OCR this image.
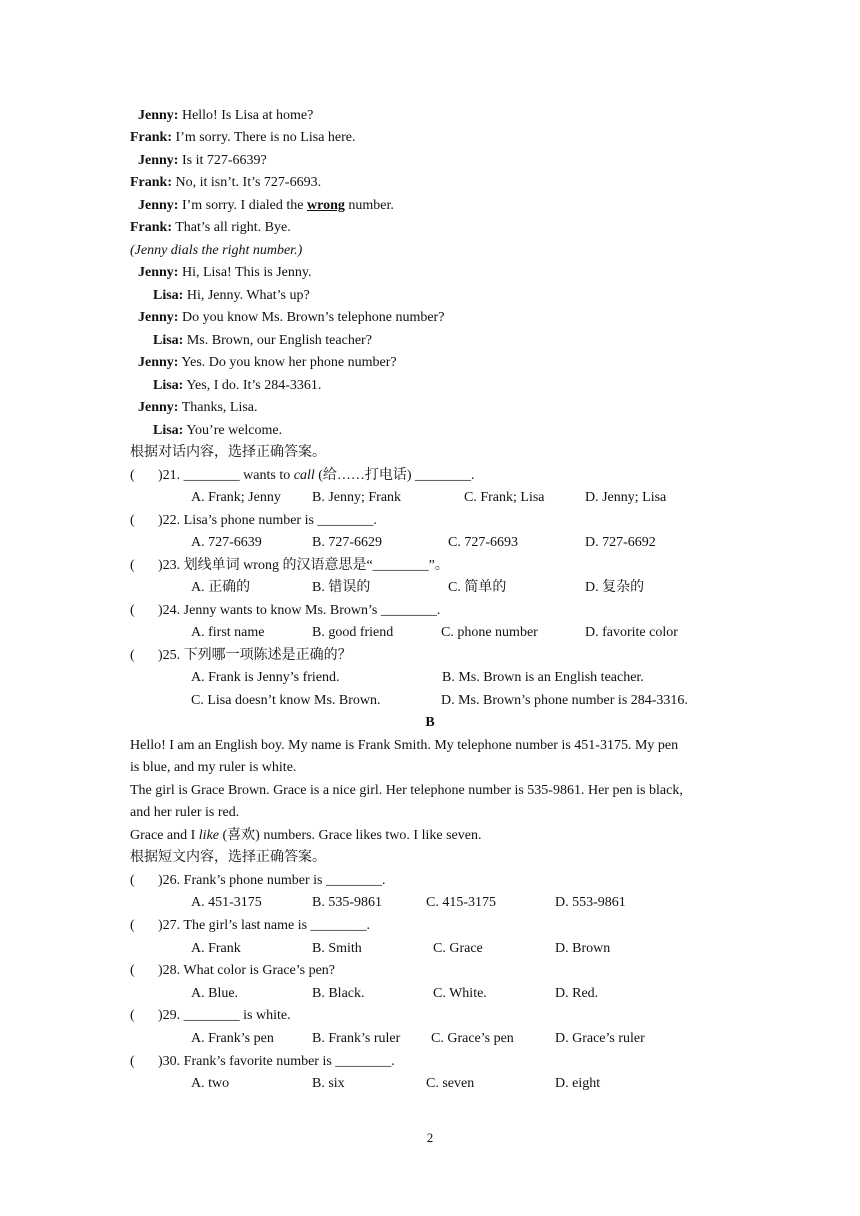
Jenny: Hello! Is Lisa at home?
Frank: I’m sorry. There is no Lisa here.
Jenny: Is it 727-6639?
Frank: No, it isn’t. It’s 727-6693.
Jenny: I’m sorry. I dialed the wrong number.
Frank: That’s all right. Bye.
(Jenny dials the right number.)
Jenny: Hi, Lisa! This is Jenny.
Lisa: Hi, Jenny. What’s up?
Jenny: Do you know Ms. Brown’s telephone number?
Lisa: Ms. Brown, our English teacher?
Jenny: Yes. Do you know her phone number?
Lisa: Yes, I do. It’s 284-3361.
Jenny: Thanks, Lisa.
Lisa: You’re welcome.
根据对话内容，选择正确答案。
( )21. ________ wants to call (给……打电话) ________.
A. Frank; Jenny B. Jenny; Frank	C. Frank; Lisa	D. Jenny; Lisa
( )22. Lisa’s phone number is ________.
A. 727-6639	B. 727-6629	C. 727-6693	D. 727-6692
( )23. 划线单词 wrong 的汉语意思是“________”。
A. 正确的	B. 错误的	C. 简单的	D. 复杂的
( )24. Jenny wants to know Ms. Brown’s ________.
A. first name	B. good friend	C. phone number	D. favorite color
( )25. 下列哪一项陈述是正确的？
A. Frank is Jenny’s friend.	B. Ms. Brown is an English teacher.
C. Lisa doesn’t know Ms. Brown.	D. Ms. Brown’s phone number is 284-3316.
B
Hello! I am an English boy. My name is Frank Smith. My telephone number is 451-3175. My pen
is blue, and my ruler is white.
The girl is Grace Brown. Grace is a nice girl. Her telephone number is 535-9861. Her pen is black,
and her ruler is red.
Grace and I like (喜欢) numbers. Grace likes two. I like seven.
根据短文内容，选择正确答案。
( )26. Frank’s phone number is ________.
A. 451-3175	B. 535-9861	C. 415-3175	D. 553-9861
( )27. The girl’s last name is ________.
A. Frank	B. Smith	C. Grace	D. Brown
( )28. What color is Grace’s pen?
A. Blue.	B. Black.	C. White.	D. Red.
( )29. ________ is white.
A. Frank’s pen	B. Frank’s ruler C. Grace’s pen	D. Grace’s ruler
( )30. Frank’s favorite number is ________.
A. two	B. six	C. seven	D. eight
2
